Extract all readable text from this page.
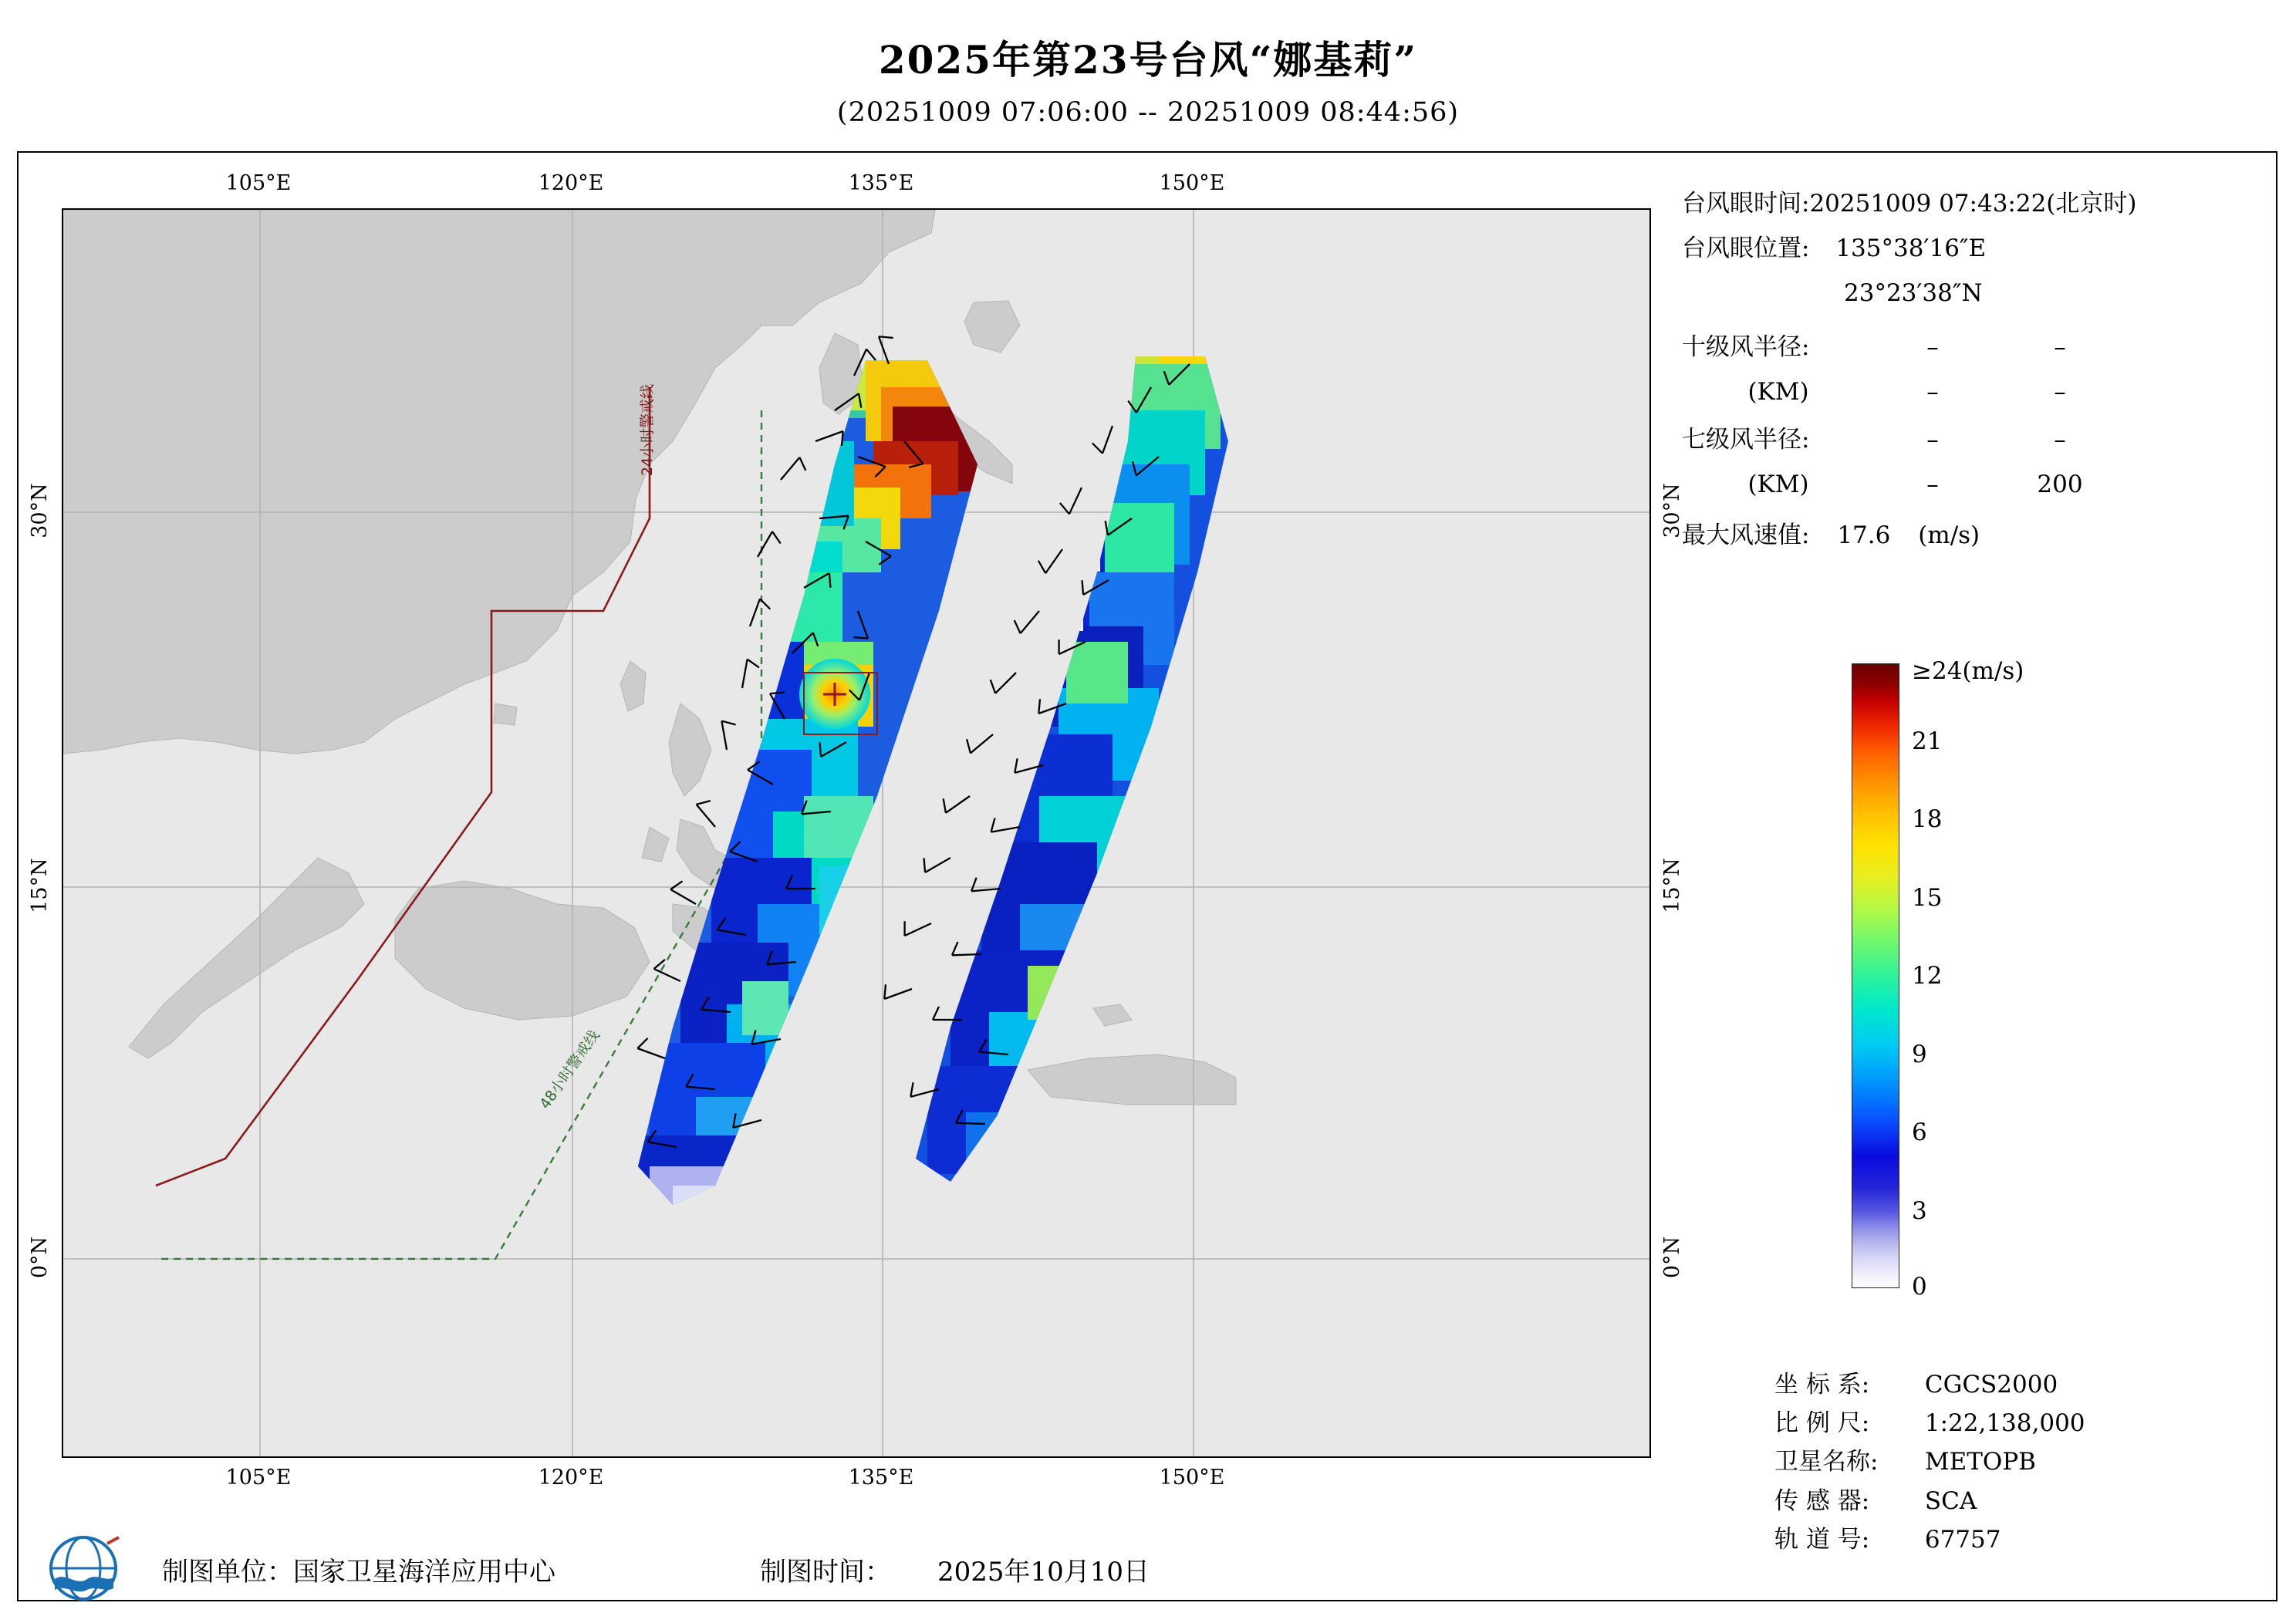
2025年第23号台风“娜基莉”
(20251009 07:06:00 -- 20251009 08:44:56)
24小时警戒线
48小时警戒线
105°E	120°E	135°E	150°E
105°E	120°E	135°E	150°E
30°N
15°N
0°N
30°N
15°N
0°N
台风眼时间:20251009 07:43:22(北京时)
台风眼位置: 135°38′16″E
23°23′38″N
十级风半径:	–	–
(KM)	–	–
七级风半径:	–	–
(KM)	–	200
最大风速值: 17.6 (m/s)
≥24(m/s)
21
18
15
12
9
6
3
0
坐 标 系: CGCS2000
比 例 尺: 1:22,138,000
卫星名称: METOPB
传 感 器: SCA
轨 道 号: 67757
制图单位：国家卫星海洋应用中心	制图时间： 2025年10月10日
